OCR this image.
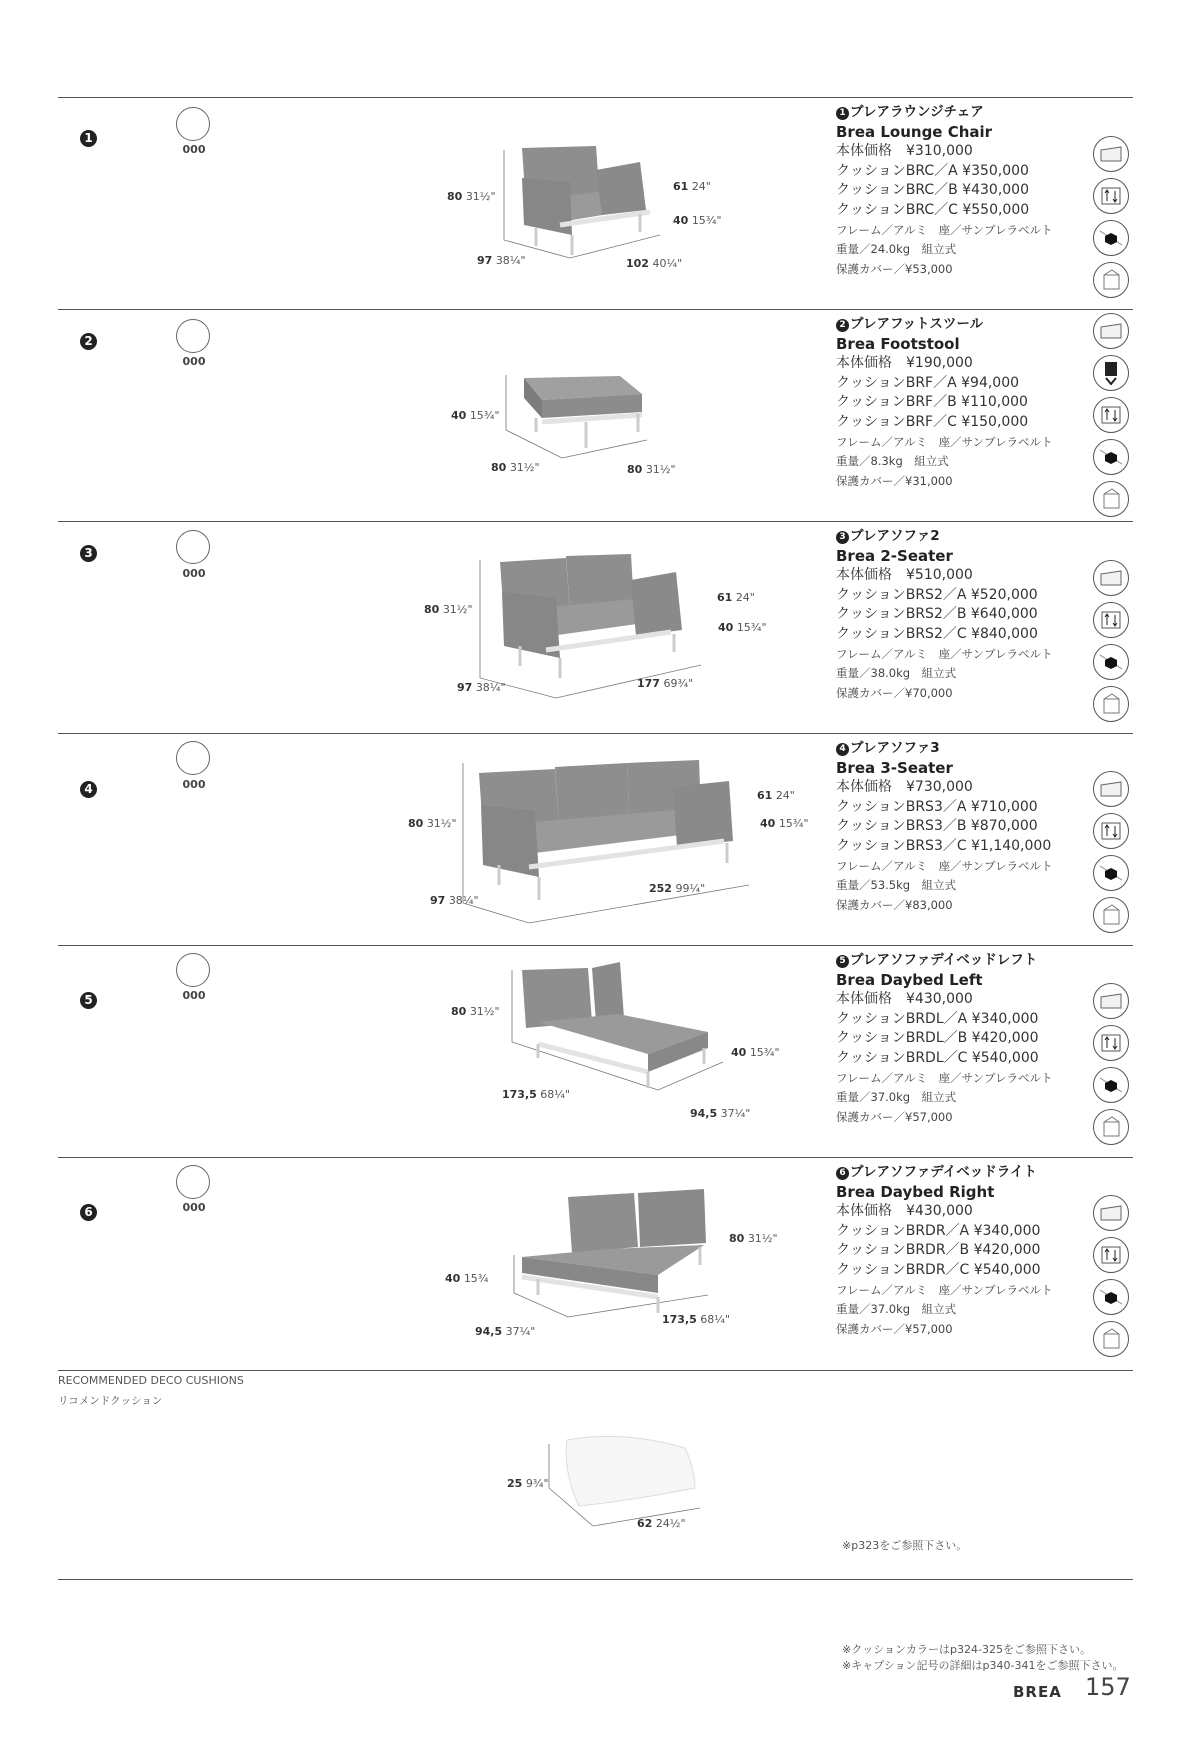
1
000
80 31½"
61 24"
40 15¾"
97 38¼"	102 40¼"
1 ブレアラウンジチェア
Brea Lounge Chair
本体価格　¥310,000
クッションBRC／A ¥350,000
クッションBRC／B ¥430,000
クッションBRC／C ¥550,000
フレーム／アルミ　座／サンブレラベルト
重量／24.0kg　組立式
保護カバー／¥53,000
2
000
40 15¾"
80 31½"	80 31½"
2 ブレアフットスツール
Brea Footstool
本体価格　¥190,000
クッションBRF／A ¥94,000
クッションBRF／B ¥110,000
クッションBRF／C ¥150,000
フレーム／アルミ　座／サンブレラベルト
重量／8.3kg　組立式
保護カバー／¥31,000
3
000
80 31½"
61 24"
40 15¾"
97 38¼"	177 69¾"
3 ブレアソファ2
Brea 2-Seater
本体価格　¥510,000
クッションBRS2／A ¥520,000
クッションBRS2／B ¥640,000
クッションBRS2／C ¥840,000
フレーム／アルミ　座／サンブレラベルト
重量／38.0kg　組立式
保護カバー／¥70,000
4	000
80 31½"
61 24"
40 15¾"
97 38¼"
252 99¼"
4 ブレアソファ3
Brea 3-Seater
本体価格　¥730,000
クッションBRS3／A ¥710,000
クッションBRS3／B ¥870,000
クッションBRS3／C ¥1,140,000
フレーム／アルミ　座／サンブレラベルト
重量／53.5kg　組立式
保護カバー／¥83,000
5	000
80 31½"
40 15¾"
173,5 68¼"
94,5 37¼"
5 ブレアソファデイベッドレフト
Brea Daybed Left
本体価格　¥430,000
クッションBRDL／A ¥340,000
クッションBRDL／B ¥420,000
クッションBRDL／C ¥540,000
フレーム／アルミ　座／サンブレラベルト
重量／37.0kg　組立式
保護カバー／¥57,000
6	000
80 31½"
40 15¾
94,5 37¼"
173,5 68¼"
6 ブレアソファデイベッドライト
Brea Daybed Right
本体価格　¥430,000
クッションBRDR／A ¥340,000
クッションBRDR／B ¥420,000
クッションBRDR／C ¥540,000
フレーム／アルミ　座／サンブレラベルト
重量／37.0kg　組立式
保護カバー／¥57,000
RECOMMENDED DECO CUSHIONS
リコメンドクッション
25 9¾"
62 24½"
※p323をご参照下さい。
※クッションカラーはp324-325をご参照下さい。
※キャプション記号の詳細はp340-341をご参照下さい。
BREA 157
